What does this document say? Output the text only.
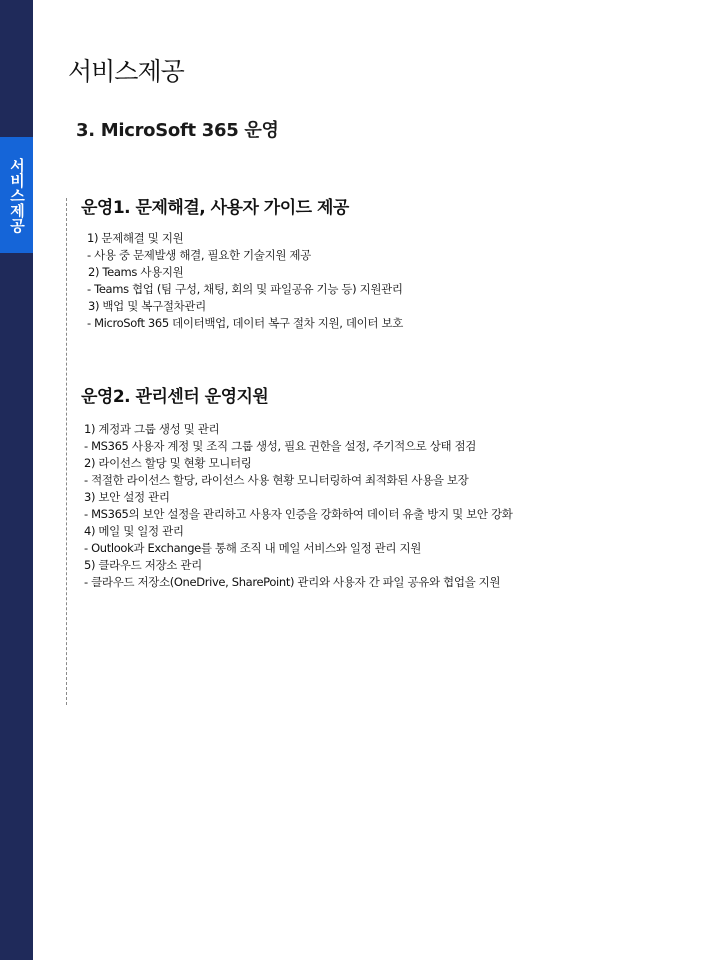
서비스제공
서비스제공
3. MicroSoft 365 운영
운영1. 문제해결, 사용자 가이드 제공
1) 문제해결 및 지원
- 사용 중 문제발생 해결, 필요한 기술지원 제공
2) Teams 사용지원
- Teams 협업 (팀 구성, 채팅, 회의 및 파일공유 기능 등) 지원관리
3) 백업 및 복구절차관리
- MicroSoft 365 데이터백업, 데이터 복구 절차 지원, 데이터 보호
운영2. 관리센터 운영지원
1) 계정과 그룹 생성 및 관리
- MS365 사용자 계정 및 조직 그룹 생성, 필요 권한을 설정, 주기적으로 상태 점검
2) 라이선스 할당 및 현황 모니터링
- 적절한 라이선스 할당, 라이선스 사용 현황 모니터링하여 최적화된 사용을 보장
3) 보안 설정 관리
- MS365의 보안 설정을 관리하고 사용자 인증을 강화하여 데이터 유출 방지 및 보안 강화
4) 메일 및 일정 관리
- Outlook과 Exchange를 통해 조직 내 메일 서비스와 일정 관리 지원
5) 클라우드 저장소 관리
- 클라우드 저장소(OneDrive, SharePoint) 관리와 사용자 간 파일 공유와 협업을 지원
